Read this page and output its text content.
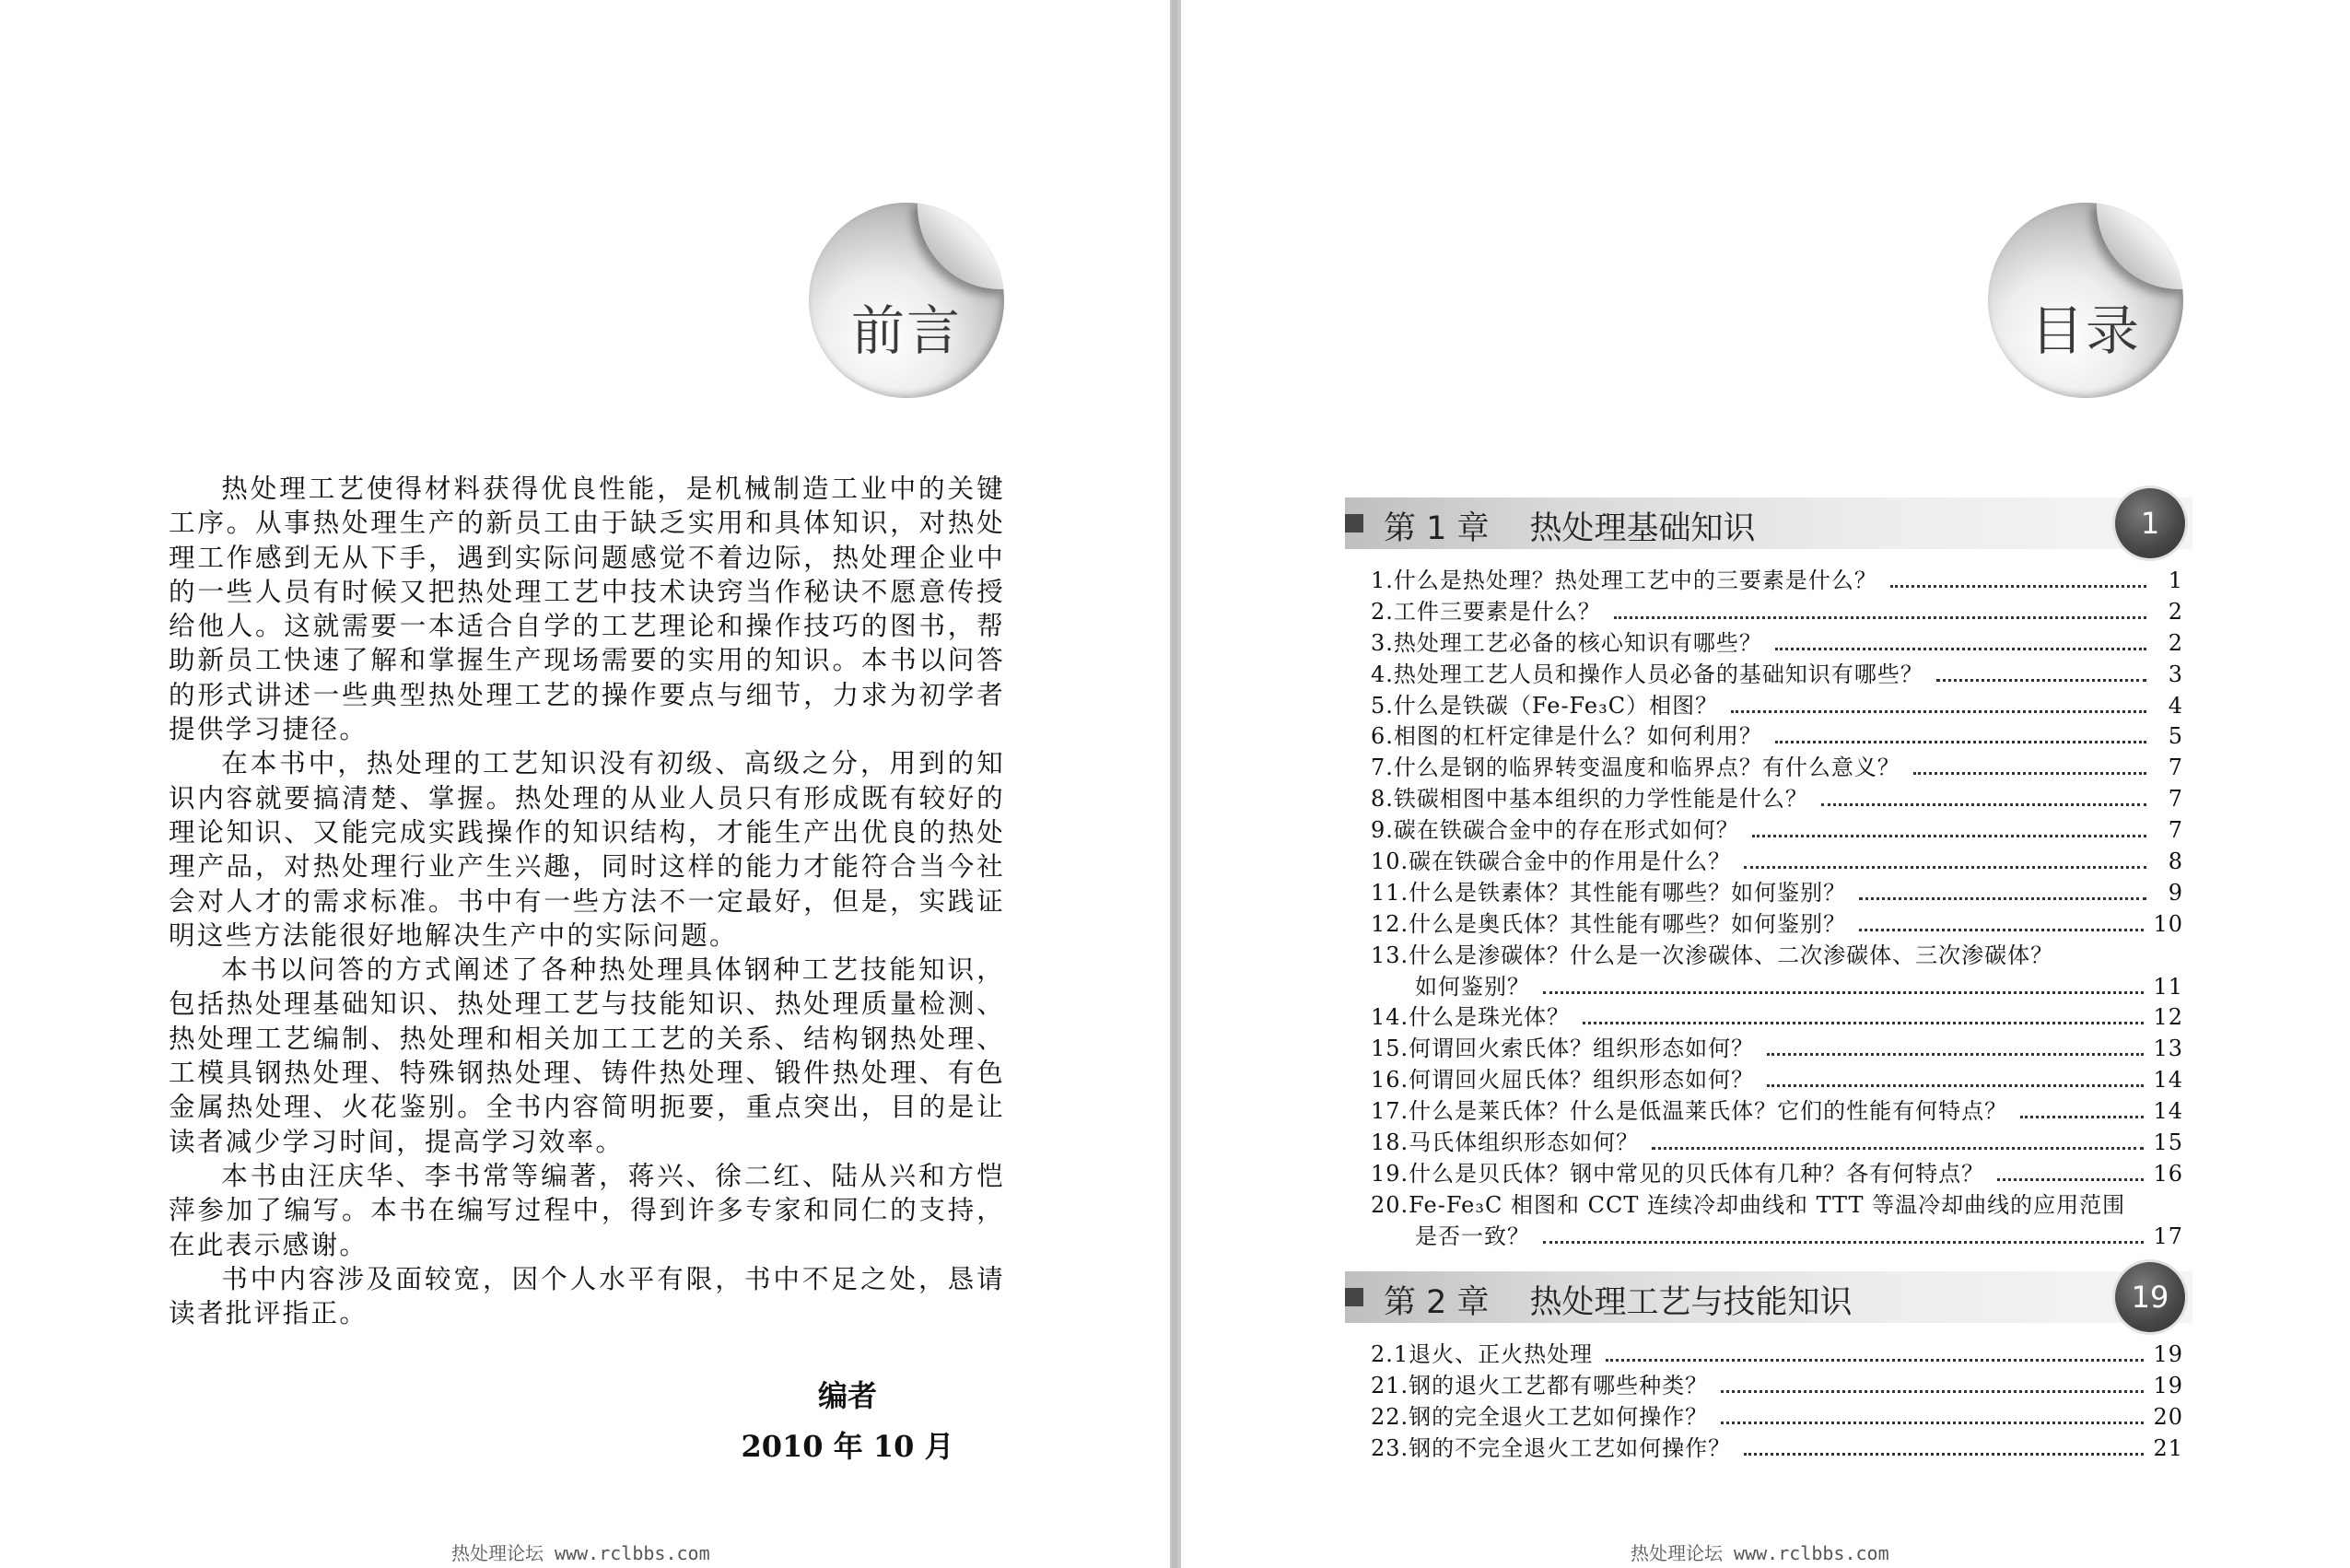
前言

热处理工艺使得材料获得优良性能，是机械制造工业中的关键工序。从事热处理生产的新员工由于缺乏实用和具体知识，对热处理工作感到无从下手，遇到实际问题感觉不着边际，热处理企业中的一些人员有时候又把热处理工艺中技术诀窍当作秘诀不愿意传授给他人。这就需要一本适合自学的工艺理论和操作技巧的图书，帮助新员工快速了解和掌握生产现场需要的实用的知识。本书以问答的形式讲述一些典型热处理工艺的操作要点与细节，力求为初学者提供学习捷径。

在本书中，热处理的工艺知识没有初级、高级之分，用到的知识内容就要搞清楚、掌握。热处理的从业人员只有形成既有较好的理论知识、又能完成实践操作的知识结构，才能生产出优良的热处理产品，对热处理行业产生兴趣，同时这样的能力才能符合当今社会对人才的需求标准。书中有一些方法不一定最好，但是，实践证明这些方法能很好地解决生产中的实际问题。

本书以问答的方式阐述了各种热处理具体钢种工艺技能知识，包括热处理基础知识、热处理工艺与技能知识、热处理质量检测、热处理工艺编制、热处理和相关加工工艺的关系、结构钢热处理、工模具钢热处理、特殊钢热处理、铸件热处理、锻件热处理、有色金属热处理、火花鉴别。全书内容简明扼要，重点突出，目的是让读者减少学习时间，提高学习效率。

本书由汪庆华、李书常等编著，蒋兴、徐二红、陆从兴和方恺萍参加了编写。本书在编写过程中，得到许多专家和同仁的支持，在此表示感谢。

书中内容涉及面较宽，因个人水平有限，书中不足之处，恳请读者批评指正。

编者
2010 年 10 月
热处理论坛 www.rclbbs.com
目录
第 1 章 热处理基础知识	1
1. 什么是热处理？热处理工艺中的三要素是什么？	1
2. 工件三要素是什么？	2
3. 热处理工艺必备的核心知识有哪些？	2
4. 热处理工艺人员和操作人员必备的基础知识有哪些？	3
5. 什么是铁碳（Fe-Fe₃C）相图？	4
6. 相图的杠杆定律是什么？如何利用？	5
7. 什么是钢的临界转变温度和临界点？有什么意义？	7
8. 铁碳相图中基本组织的力学性能是什么？	7
9. 碳在铁碳合金中的存在形式如何？	7
10. 碳在铁碳合金中的作用是什么？	8
11. 什么是铁素体？其性能有哪些？如何鉴别？	9
12. 什么是奥氏体？其性能有哪些？如何鉴别？	10
13.什么是渗碳体？什么是一次渗碳体、二次渗碳体、三次渗碳体？
如何鉴别？	11
14. 什么是珠光体？	12
15. 何谓回火索氏体？组织形态如何？	13
16. 何谓回火屈氏体？组织形态如何？	14
17. 什么是莱氏体？什么是低温莱氏体？它们的性能有何特点？	14
18. 马氏体组织形态如何？	15
19. 什么是贝氏体？钢中常见的贝氏体有几种？各有何特点？	16
20.Fe-Fe₃C 相图和 CCT 连续冷却曲线和 TTT 等温冷却曲线的应用范围
是否一致？	17
第 2 章 热处理工艺与技能知识	19
2.1 退火、正火热处理	19
21. 钢的退火工艺都有哪些种类？	19
22. 钢的完全退火工艺如何操作？	20
23. 钢的不完全退火工艺如何操作？	21
热处理论坛 www.rclbbs.com
